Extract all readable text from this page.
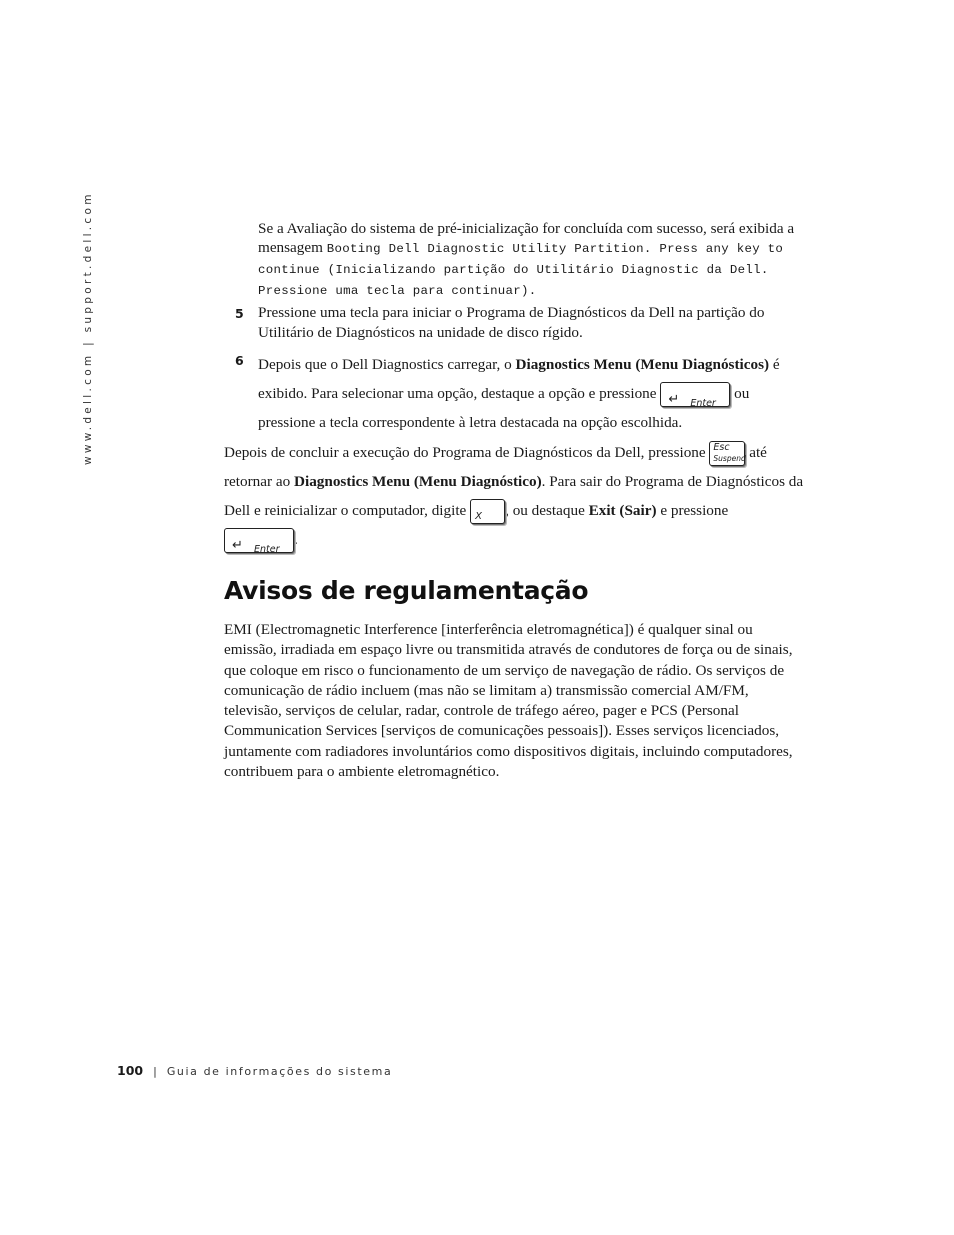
www.dell.com | support.dell.com	Se a Avaliação do sistema de pré-inicialização for concluída com sucesso, será exibida a mensagem Booting Dell Diagnostic Utility Partition. Press any key to continue (Inicializando partição do Utilitário Diagnostic da Dell. Pressione uma tecla para continuar).

5 Pressione uma tecla para iniciar o Programa de Diagnósticos da Dell na partição do Utilitário de Diagnósticos na unidade de disco rígido.

6 Depois que o Dell Diagnostics carregar, o Diagnostics Menu (Menu Diagnósticos) é exibido. Para selecionar uma opção, destaque a opção e pressione ↵ Enter
ou pressione a tecla correspondente à letra destacada na opção escolhida.

Depois de concluir a execução do Programa de Diagnósticos da Dell, pressione Esc
Suspend até retornar ao Diagnostics Menu (Menu Diagnóstico). Para sair do Programa de Diagnósticos da Dell e reinicializar o computador, digite X , ou destaque Exit (Sair) e pressione

↵ Enter
.

Avisos de regulamentação

EMI (Electromagnetic Interference [interferência eletromagnética]) é qualquer sinal ou emissão, irradiada em espaço livre ou transmitida através de condutores de força ou de sinais, que coloque em risco o funcionamento de um serviço de navegação de rádio. Os serviços de comunicação de rádio incluem (mas não se limitam a) transmissão comercial AM/FM, televisão, serviços de celular, radar, controle de tráfego aéreo, pager e PCS (Personal Communication Services [serviços de comunicações pessoais]). Esses serviços licenciados, juntamente com radiadores involuntários como dispositivos digitais, incluindo computadores, contribuem para o ambiente eletromagnético.

100 | Guia de informações do sistema
